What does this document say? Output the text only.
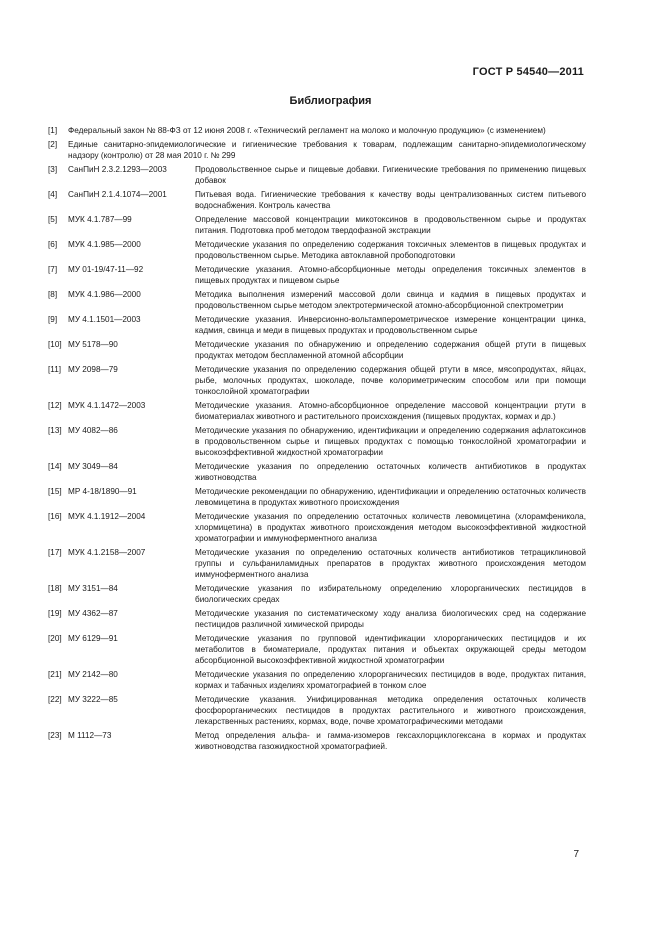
ГОСТ Р 54540—2011
Библиография
[1] Федеральный закон № 88-ФЗ от 12 июня 2008 г. «Технический регламент на молоко и молочную продукцию» (с изменением)
[2] Единые санитарно-эпидемиологические и гигиенические требования к товарам, подлежащим санитарно-эпидемиологическому надзору (контролю) от 28 мая 2010 г. № 299
[3] СанПиН 2.3.2.1293—2003	Продовольственное сырье и пищевые добавки. Гигиенические требования по применению пищевых добавок
[4] СанПиН 2.1.4.1074—2001	Питьевая вода. Гигиенические требования к качеству воды централизованных систем питьевого водоснабжения. Контроль качества
[5] МУК 4.1.787—99	Определение массовой концентрации микотоксинов в продовольственном сырье и продуктах питания. Подготовка проб методом твердофазной экстракции
[6] МУК 4.1.985—2000	Методические указания по определению содержания токсичных элементов в пищевых продуктах и продовольственном сырье. Методика автоклавной пробоподготовки
[7] МУ 01-19/47-11—92	Методические указания. Атомно-абсорбционные методы определения токсичных элементов в пищевых продуктах и пищевом сырье
[8] МУК 4.1.986—2000	Методика выполнения измерений массовой доли свинца и кадмия в пищевых продуктах и продовольственном сырье методом электротермической атомно-абсорбционной спектрометрии
[9] МУ 4.1.1501—2003	Методические указания. Инверсионно-вольтамперометрическое измерение концентрации цинка, кадмия, свинца и меди в пищевых продуктах и продовольственном сырье
[10] МУ 5178—90	Методические указания по обнаружению и определению содержания общей ртути в пищевых продуктах методом беспламенной атомной абсорбции
[11] МУ 2098—79	Методические указания по определению содержания общей ртути в мясе, мясопродуктах, яйцах, рыбе, молочных продуктах, шоколаде, почве колориметрическим способом или при помощи тонкослойной хроматографии
[12] МУК 4.1.1472—2003	Методические указания. Атомно-абсорбционное определение массовой концентрации ртути в биоматериалах животного и растительного происхождения (пищевых продуктах, кормах и др.)
[13] МУ 4082—86	Методические указания по обнаружению, идентификации и определению содержания афлатоксинов в продовольственном сырье и пищевых продуктах с помощью тонкослойной хроматографии и высокоэффективной жидкостной хроматографии
[14] МУ 3049—84	Методические указания по определению остаточных количеств антибиотиков в продуктах животноводства
[15] МР 4-18/1890—91	Методические рекомендации по обнаружению, идентификации и определению остаточных количеств левомицетина в продуктах животного происхождения
[16] МУК 4.1.1912—2004	Методические указания по определению остаточных количеств левомицетина (хлорамфеникола, хлормицетина) в продуктах животного происхождения методом высокоэффективной жидкостной хроматографии и иммуноферментного анализа
[17] МУК 4.1.2158—2007	Методические указания по определению остаточных количеств антибиотиков тетрациклиновой группы и сульфаниламидных препаратов в продуктах животного происхождения методом иммуноферментного анализа
[18] МУ 3151—84	Методические указания по избирательному определению хлорорганических пестицидов в биологических средах
[19] МУ 4362—87	Методические указания по систематическому ходу анализа биологических сред на содержание пестицидов различной химической природы
[20] МУ 6129—91	Методические указания по групповой идентификации хлорорганических пестицидов и их метаболитов в биоматериале, продуктах питания и объектах окружающей среды методом абсорбционной высокоэффективной жидкостной хроматографии
[21] МУ 2142—80	Методические указания по определению хлорорганических пестицидов в воде, продуктах питания, кормах и табачных изделиях хроматографией в тонком слое
[22] МУ 3222—85	Методические указания. Унифицированная методика определения остаточных количеств фосфорорганических пестицидов в продуктах растительного и животного происхождения, лекарственных растениях, кормах, воде, почве хроматографическими методами
[23] М 1112—73	Метод определения альфа- и гамма-изомеров гексахлорциклогексана в кормах и продуктах животноводства газожидкостной хроматографией.
7
